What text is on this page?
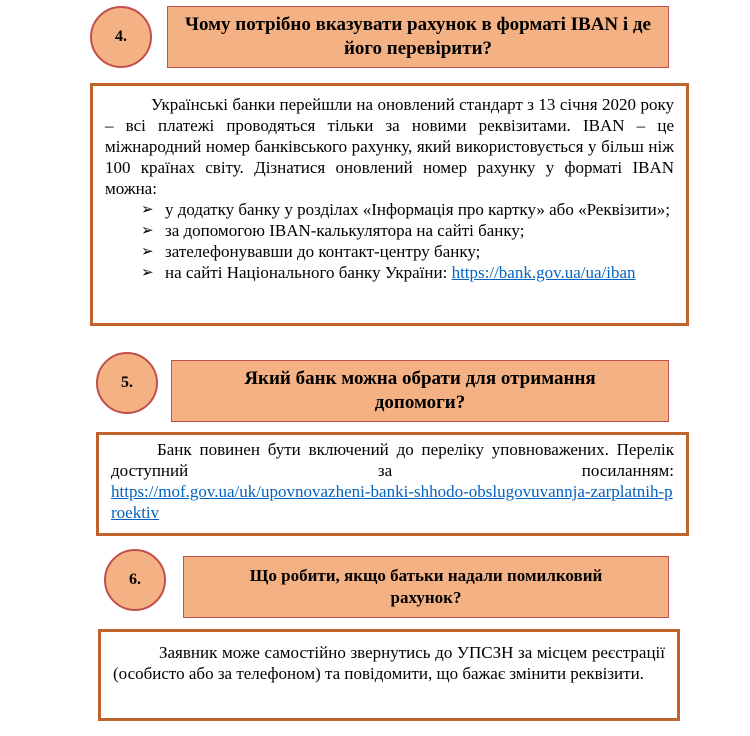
4.
Чому потрібно вказувати рахунок в форматі IBAN і де його перевірити?
Українські банки перейшли на оновлений стандарт з 13 січня 2020 року – всі платежі проводяться тільки за новими реквізитами. IBAN – це міжнародний номер банківського рахунку, який використовується у більш ніж 100 країнах світу. Дізнатися оновлений номер рахунку у форматі IBAN можна:
➢ у додатку банку у розділах «Інформація про картку» або «Реквізити»;
➢ за допомогою IBAN-калькулятора на сайті банку;
➢ зателефонувавши до контакт-центру банку;
➢ на сайті Національного банку України: https://bank.gov.ua/ua/iban
5.	Який банк можна обрати для отримання допомоги?
Банк повинен бути включений до переліку уповноважених. Перелік доступний за посиланням:
https://mof.gov.ua/uk/upovnovazheni-banki-shhodo-obslugovuvannja-zarplatnih-proektiv
6.	Що робити, якщо батьки надали помилковий рахунок?
Заявник може самостійно звернутись до УПСЗН за місцем реєстрації (особисто або за телефоном) та повідомити, що бажає змінити реквізити.
